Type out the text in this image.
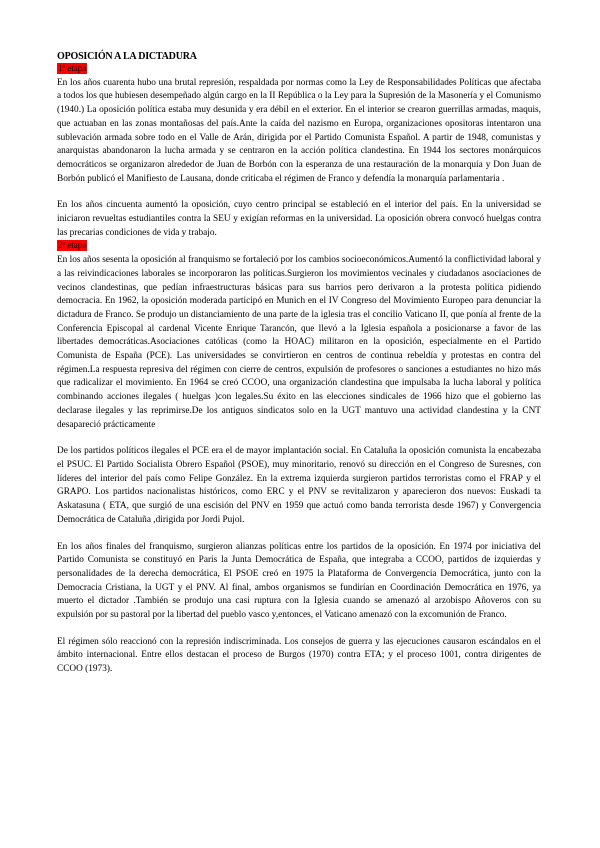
OPOSICIÓN A LA DICTADURA
1ª etapa

En los años cuarenta hubo una brutal represión, respaldada por normas como la Ley de Responsabilidades Políticas que afectaba a todos los que hubiesen desempeñado algún cargo en la II República o la Ley para la Supresión de la Masonería y el Comunismo (1940.) La oposición política estaba muy desunida y era débil en el exterior. En el interior se crearon guerrillas armadas, maquis, que actuaban en las zonas montañosas del país.Ante la caída del nazismo en Europa, organizaciones opositoras intentaron una sublevación armada sobre todo en el Valle de Arán, dirigida por el Partido Comunista Español. A partir de 1948, comunistas y anarquistas abandonaron la lucha armada y se centraron en la acción política clandestina. En 1944 los sectores monárquicos democráticos se organizaron alrededor de Juan de Borbón con la esperanza de una restauración de la monarquía y Don Juan de Borbón publicó el Manifiesto de Lausana, donde criticaba el régimen de Franco y defendía la monarquía parlamentaria .

En los años cincuenta aumentó la oposición, cuyo centro principal se estableció en el interior del país. En la universidad se iniciaron revueltas estudiantiles contra la SEU y exigían reformas en la universidad. La oposición obrera convocó huelgas contra las precarias condiciones de vida y trabajo.

2ª etapa

En los años sesenta la oposición al franquismo se fortaleció por los cambios socioeconómicos.Aumentó la conflictividad laboral y a las reivindicaciones laborales se incorporaron las políticas.Surgieron los movimientos vecinales y ciudadanos asociaciones de vecinos clandestinas, que pedían infraestructuras básicas para sus barrios pero derivaron a la protesta política pidiendo democracia. En 1962, la oposición moderada participó en Munich en el IV Congreso del Movimiento Europeo para denunciar la dictadura de Franco. Se produjo un distanciamiento de una parte de la iglesia tras el concilio Vaticano II, que ponía al frente de la Conferencia Episcopal al cardenal Vicente Enrique Tarancón, que llevó a la Iglesia española a posicionarse a favor de las libertades democráticas.Asociaciones católicas (como la HOAC) militaron en la oposición, especialmente en el Partido Comunista de España (PCE). Las universidades se convirtieron en centros de continua rebeldía y protestas en contra del régimen.La respuesta represiva del régimen con cierre de centros, expulsión de profesores o sanciones a estudiantes no hizo más que radicalizar el movimiento. En 1964 se creó CCOO, una organización clandestina que impulsaba la lucha laboral y política combinando acciones ilegales ( huelgas )con legales.Su éxito en las elecciones sindicales de 1966 hizo que el gobierno las declarase ilegales y las reprimirse.De los antiguos sindicatos solo en la UGT mantuvo una actividad clandestina y la CNT desapareció prácticamente

De los partidos políticos ilegales el PCE era el de mayor implantación social. En Cataluña la oposición comunista la encabezaba el PSUC. El Partido Socialista Obrero Español (PSOE), muy minoritario, renovó su dirección en el Congreso de Suresnes, con líderes del interior del país como Felipe González. En la extrema izquierda surgieron partidos terroristas como el FRAP y el GRAPO. Los partidos nacionalistas históricos, como ERC y el PNV se revitalizaron y aparecieron dos nuevos: Euskadi ta Askatasuna ( ETA, que surgió de una escisión del PNV en 1959 que actuó como banda terrorista desde 1967) y Convergencia Democrática de Cataluña ,dirigida por Jordi Pujol.

En los años finales del franquismo, surgieron alianzas políticas entre los partidos de la oposición. En 1974 por iniciativa del Partido Comunista se constituyó en París la Junta Democrática de España, que integraba a CCOO, partidos de izquierdas y personalidades de la derecha democrática, El PSOE creó en 1975 la Plataforma de Convergencia Democrática, junto con la Democracia Cristiana, la UGT y el PNV. Al final, ambos organismos se fundirían en Coordinación Democrática en 1976, ya muerto el dictador .También se produjo una casi ruptura con la Iglesia cuando se amenazó al arzobispo Añoveros con su expulsión por su pastoral por la libertad del pueblo vasco y,entonces, el Vaticano amenazó con la excomunión de Franco.

El régimen sólo reaccionó con la represión indiscriminada. Los consejos de guerra y las ejecuciones causaron escándalos en el ámbito internacional. Entre ellos destacan el proceso de Burgos (1970) contra ETA; y el proceso 1001, contra dirigentes de CCOO (1973).
